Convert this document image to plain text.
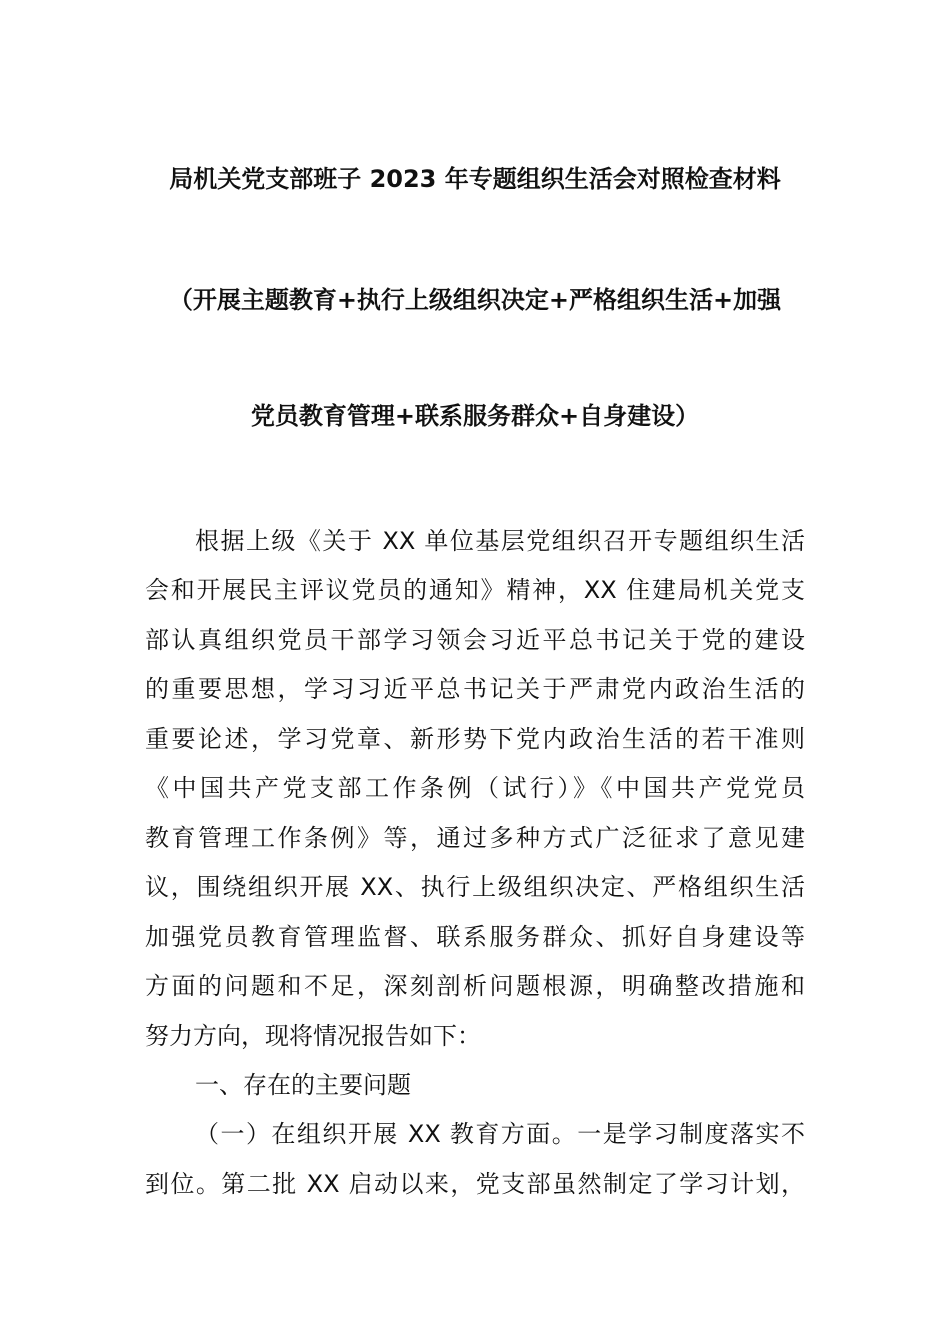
局机关党支部班子 2023 年专题组织生活会对照检查材料
（开展主题教育+执行上级组织决定+严格组织生活+加强
党员教育管理+联系服务群众+自身建设）
根据上级《关于 XX 单位基层党组织召开专题组织生活
会和开展民主评议党员的通知》精神，XX 住建局机关党支
部认真组织党员干部学习领会习近平总书记关于党的建设
的重要思想，学习习近平总书记关于严肃党内政治生活的
重要论述，学习党章、新形势下党内政治生活的若干准则
《中国共产党支部工作条例（试行）》《中国共产党党员
教育管理工作条例》等，通过多种方式广泛征求了意见建
议，围绕组织开展 XX、执行上级组织决定、严格组织生活
加强党员教育管理监督、联系服务群众、抓好自身建设等
方面的问题和不足，深刻剖析问题根源，明确整改措施和
努力方向，现将情况报告如下：
一、存在的主要问题
（一）在组织开展 XX 教育方面。一是学习制度落实不
到位。第二批 XX 启动以来，党支部虽然制定了学习计划，
